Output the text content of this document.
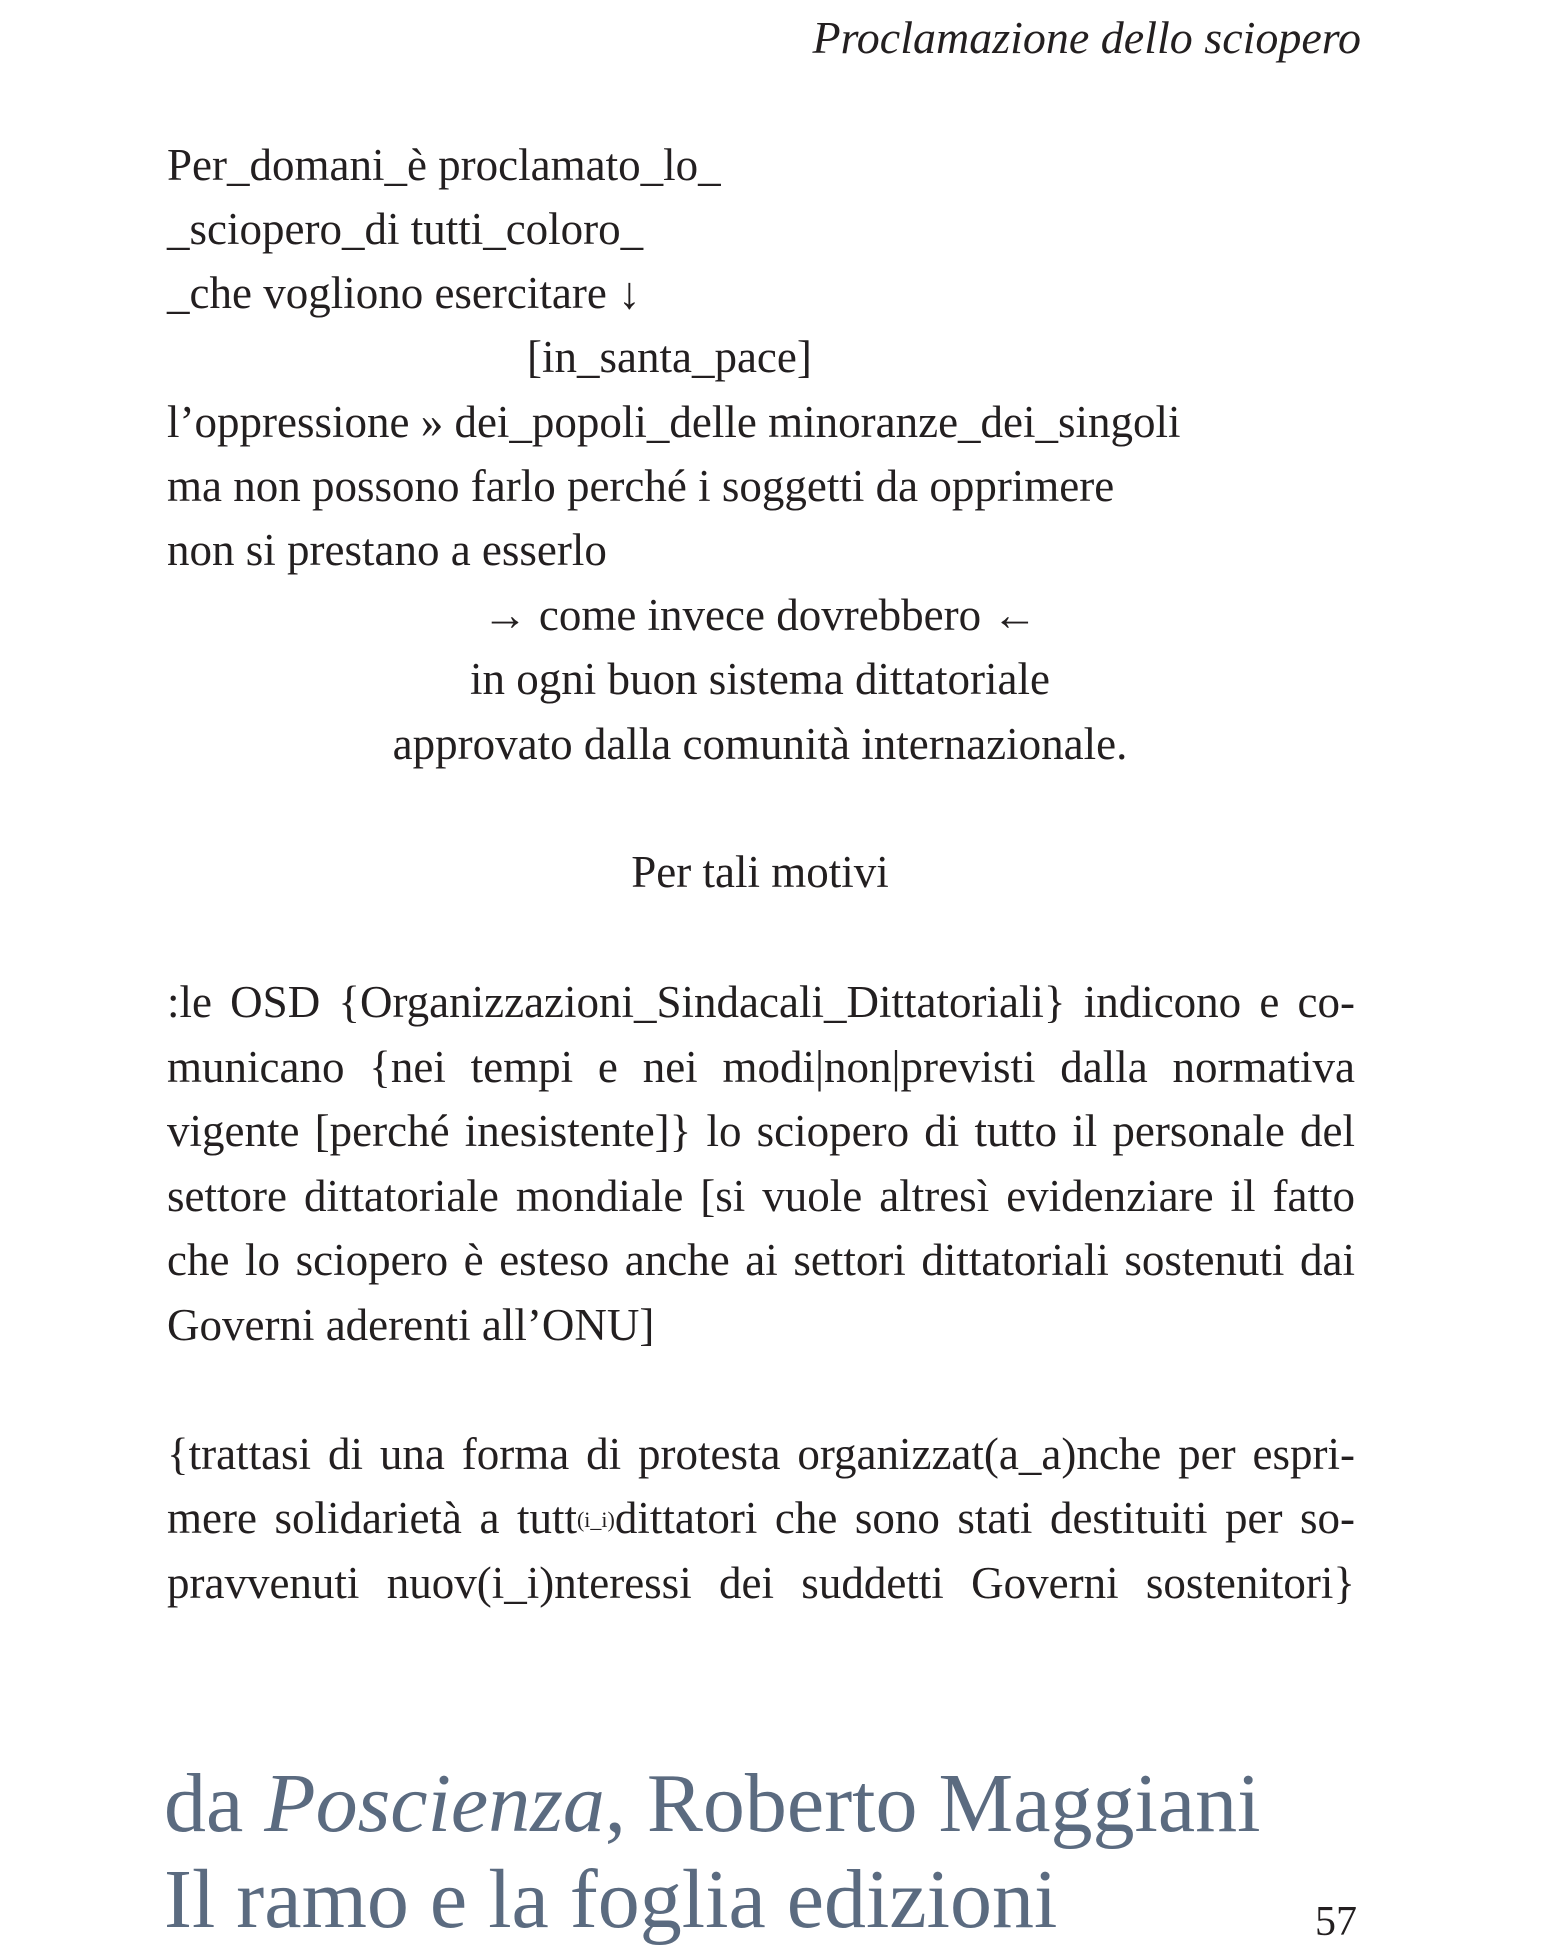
Proclamazione dello sciopero
Per_domani_è proclamato_lo_
_sciopero_di tutti_coloro_
_che vogliono esercitare ↓
[in_santa_pace]
l’oppressione » dei_popoli_delle minoranze_dei_singoli
ma non possono farlo perché i soggetti da opprimere
non si prestano a esserlo
→ come invece dovrebbero ←
in ogni buon sistema dittatoriale
approvato dalla comunità internazionale.
Per tali motivi
:le OSD {Organizzazioni_Sindacali_Dittatoriali} indicono e co-
municano {nei tempi e nei modi|non|previsti dalla normativa
vigente [perché inesistente]} lo sciopero di tutto il personale del
settore dittatoriale mondiale [si vuole altresì evidenziare il fatto
che lo sciopero è esteso anche ai settori dittatoriali sostenuti dai
Governi aderenti all’ONU]
{trattasi di una forma di protesta organizzat(a_a)nche per espri-
mere solidarietà a tutt$^{(i\_i)}$dittatori che sono stati destituiti per so-
pravvenuti nuov(i_i)nteressi dei suddetti Governi sostenitori}
da Poscienza, Roberto Maggiani
Il ramo e la foglia edizioni	57
